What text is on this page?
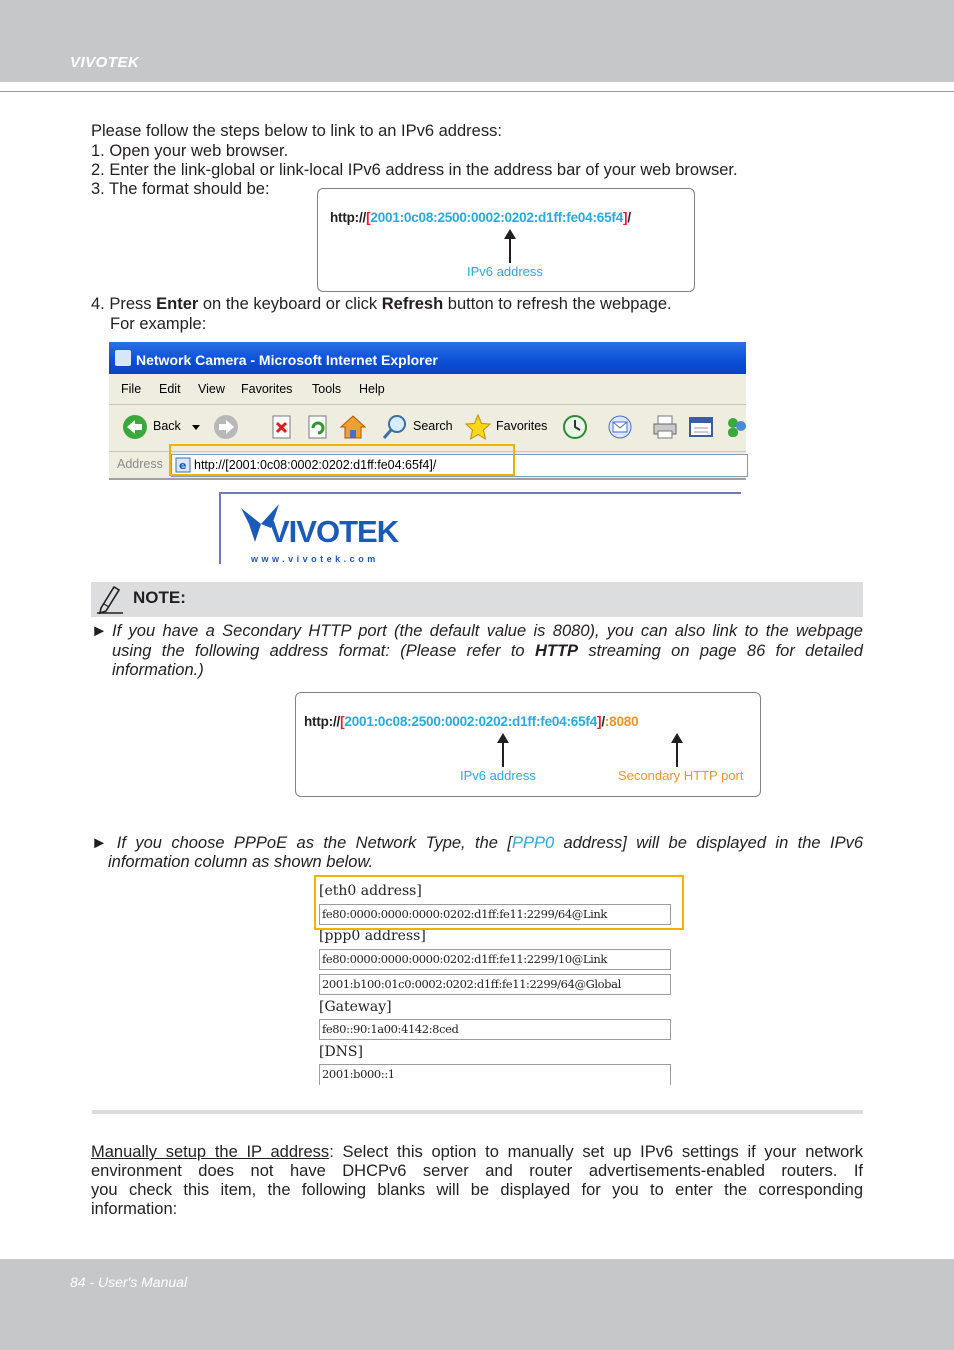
VIVOTEK
Please follow the steps below to link to an IPv6 address:
1. Open your web browser.
2. Enter the link-global or link-local IPv6 address in the address bar of your web browser.
3. The format should be:
http://[2001:0c08:2500:0002:0202:d1ff:fe04:65f4]/
IPv6 address
4. Press Enter on the keyboard or click Refresh button to refresh the webpage.
For example:
Network Camera - Microsoft Internet Explorer
File Edit View Favorites Tools Help
Back	Search	Favorites
Address e http://[2001:0c08:0002:0202:d1ff:fe04:65f4]/
VIVOTEK
www.vivotek.com
NOTE:
► If you have a Secondary HTTP port (the default value is 8080), you can also link to the webpage
using the following address format: (Please refer to HTTP streaming on page 86 for detailed
information.)
http://[2001:0c08:2500:0002:0202:d1ff:fe04:65f4]/:8080
IPv6 address	Secondary HTTP port
► If you choose PPPoE as the Network Type, the [PPP0 address] will be displayed in the IPv6
information column as shown below.
[eth0 address]
fe80:0000:0000:0000:0202:d1ff:fe11:2299/64@Link
[ppp0 address]
fe80:0000:0000:0000:0202:d1ff:fe11:2299/10@Link
2001:b100:01c0:0002:0202:d1ff:fe11:2299/64@Global
[Gateway]
fe80::90:1a00:4142:8ced
[DNS]
2001:b000::1
Manually setup the IP address: Select this option to manually set up IPv6 settings if your network
environment does not have DHCPv6 server and router advertisements-enabled routers. If
you check this item, the following blanks will be displayed for you to enter the corresponding
information:
84 - User's Manual
